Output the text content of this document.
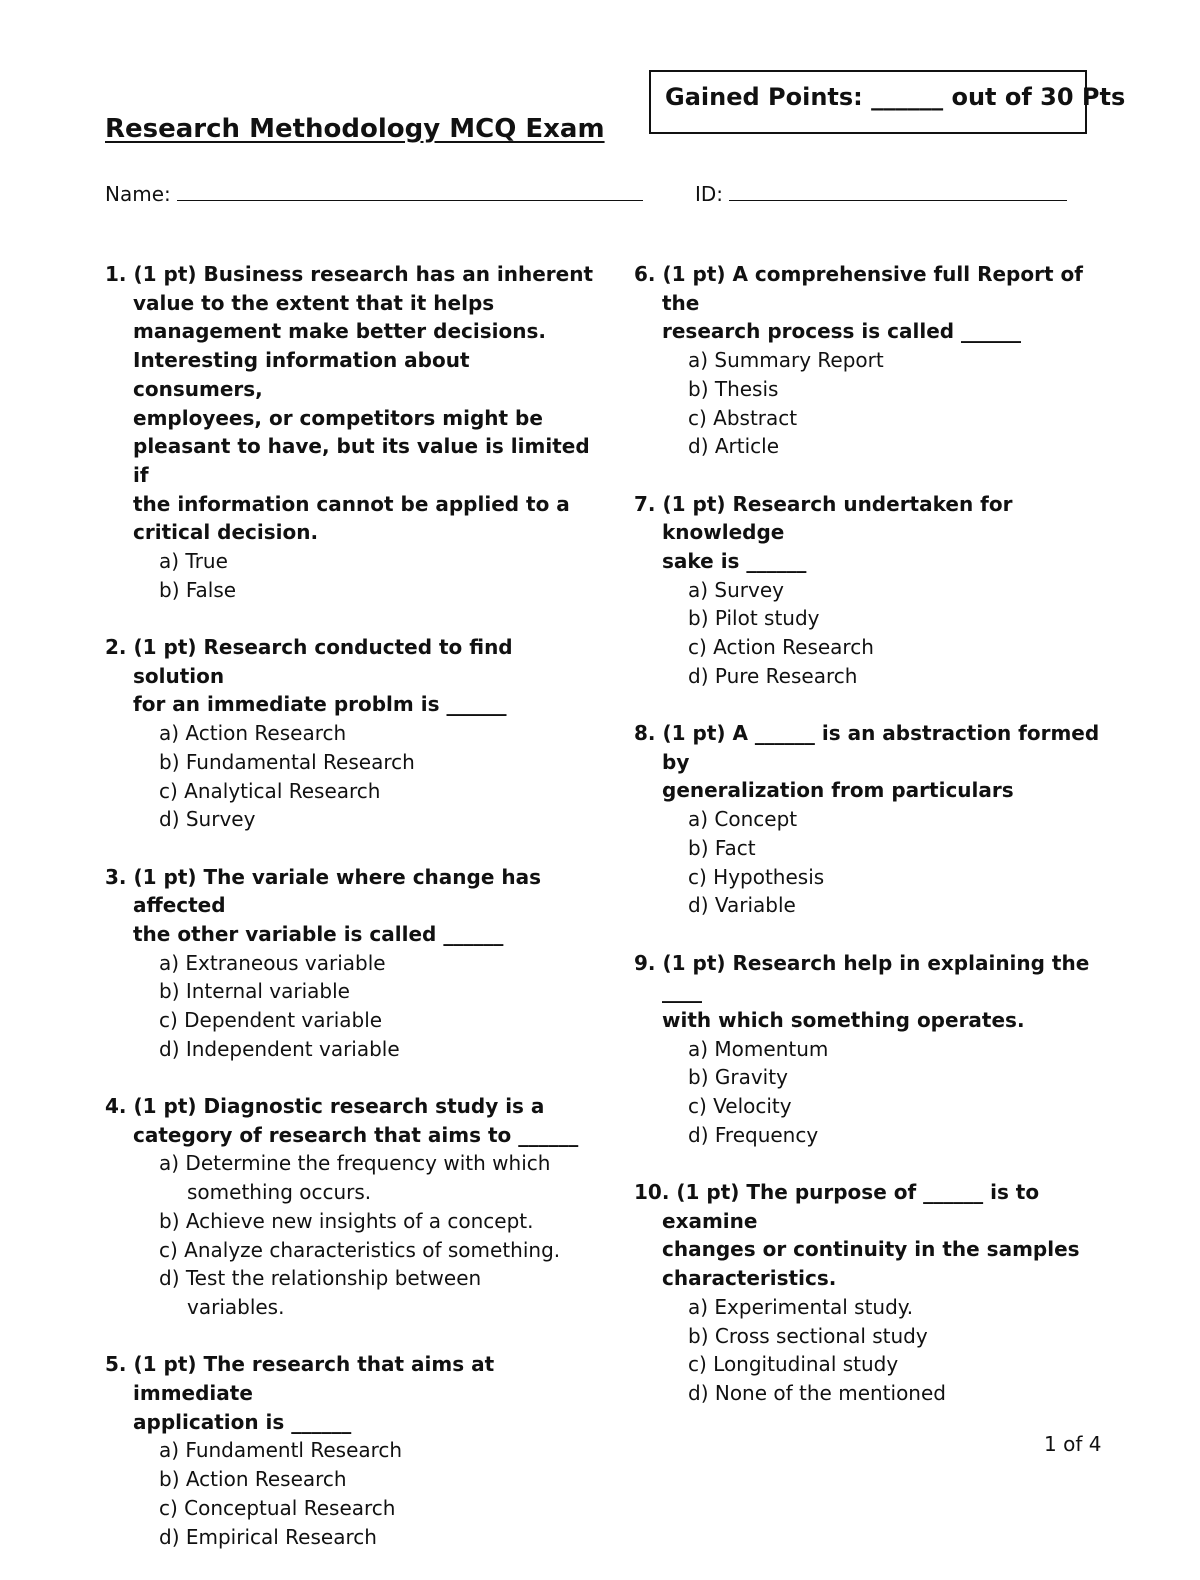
Gained Points: ______ out of 30 Pts
Research Methodology MCQ Exam
Name:	ID:
1. (1 pt) Business research has an inherent
value to the extent that it helps
management make better decisions.
Interesting information about consumers,
employees, or competitors might be
pleasant to have, but its value is limited if
the information cannot be applied to a
critical decision.
a) True
b) False
2. (1 pt) Research conducted to find solution
for an immediate problm is ______
a) Action Research
b) Fundamental Research
c) Analytical Research
d) Survey
3. (1 pt) The variale where change has affected
the other variable is called ______
a) Extraneous variable
b) Internal variable
c) Dependent variable
d) Independent variable
4. (1 pt) Diagnostic research study is a
category of research that aims to ______
a) Determine the frequency with which
something occurs.
b) Achieve new insights of a concept.
c) Analyze characteristics of something.
d) Test the relationship between
variables.
5. (1 pt) The research that aims at immediate
application is ______
a) Fundamentl Research
b) Action Research
c) Conceptual Research
d) Empirical Research
6. (1 pt) A comprehensive full Report of the
research process is called ______
a) Summary Report
b) Thesis
c) Abstract
d) Article
7. (1 pt) Research undertaken for knowledge
sake is ______
a) Survey
b) Pilot study
c) Action Research
d) Pure Research
8. (1 pt) A ______ is an abstraction formed by
generalization from particulars
a) Concept
b) Fact
c) Hypothesis
d) Variable
9. (1 pt) Research help in explaining the ____
with which something operates.
a) Momentum
b) Gravity
c) Velocity
d) Frequency
10. (1 pt) The purpose of ______ is to examine
changes or continuity in the samples
characteristics.
a) Experimental study.
b) Cross sectional study
c) Longitudinal study
d) None of the mentioned
1 of 4
